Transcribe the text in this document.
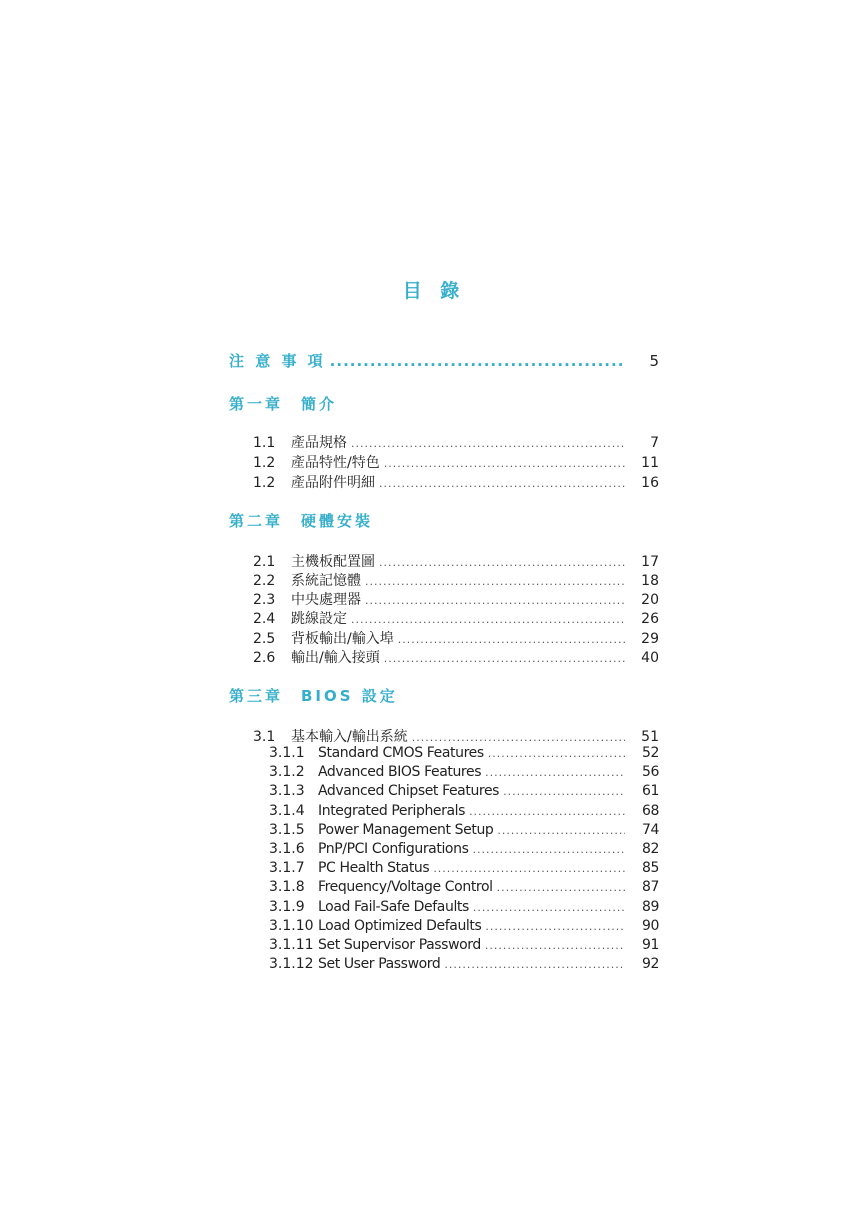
目 錄
注 意 事 項 .....	5
第一章　簡介
1.1	產品規格 .....	7
1.2	產品特性/特色 .....	11
1.2	產品附件明細 .....	16
第二章　硬體安裝
2.1	主機板配置圖 .....	17
2.2	系統記憶體 .....	18
2.3	中央處理器 .....	20
2.4	跳線設定 .....	26
2.5	背板輸出/輸入埠 .....	29
2.6	輸出/輸入接頭 .....	40
第三章　BIOS 設定
3.1	基本輸入/輸出系統 .....	51
3.1.1 Standard CMOS Features .....	52
3.1.2 Advanced BIOS Features .....	56
3.1.3 Advanced Chipset Features .....	61
3.1.4 Integrated Peripherals .....	68
3.1.5 Power Management Setup .....	74
3.1.6 PnP/PCI Configurations .....	82
3.1.7 PC Health Status .....	85
3.1.8 Frequency/Voltage Control .....	87
3.1.9 Load Fail-Safe Defaults .....	89
3.1.10 Load Optimized Defaults .....	90
3.1.11 Set Supervisor Password .....	91
3.1.12 Set User Password .....	92
